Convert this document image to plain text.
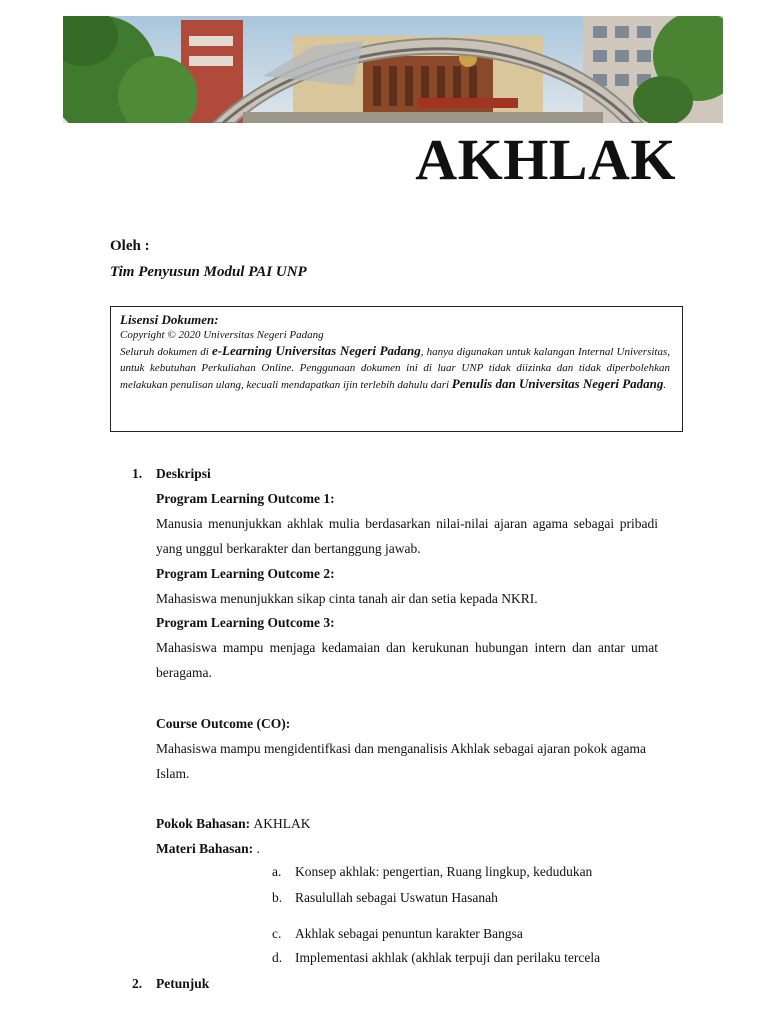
AKHLAK
Oleh :
Tim Penyusun Modul PAI UNP
Lisensi Dokumen:
Copyright © 2020 Universitas Negeri Padang
Seluruh dokumen di e-Learning Universitas Negeri Padang, hanya digunakan untuk kalangan Internal Universitas, untuk kebutuhan Perkuliahan Online. Penggunaan dokumen ini di luar UNP tidak diizinka dan tidak diperbolehkan melakukan penulisan ulang, kecuali mendapatkan ijin terlebih dahulu dari Penulis dan Universitas Negeri Padang.
1. Deskripsi
Program Learning Outcome 1:
Manusia menunjukkan akhlak mulia berdasarkan nilai-nilai ajaran agama sebagai pribadi yang unggul berkarakter dan bertanggung jawab.
Program Learning Outcome 2:
Mahasiswa menunjukkan sikap cinta tanah air dan setia kepada NKRI.
Program Learning Outcome 3:
Mahasiswa mampu menjaga kedamaian dan kerukunan hubungan intern dan antar umat beragama.
Course Outcome (CO):
Mahasiswa mampu mengidentifkasi dan menganalisis Akhlak sebagai ajaran pokok agama Islam.
Pokok Bahasan: AKHLAK
Materi Bahasan: .
a. Konsep akhlak: pengertian, Ruang lingkup, kedudukan
b. Rasulullah sebagai Uswatun Hasanah
c. Akhlak sebagai penuntun karakter Bangsa
d. Implementasi akhlak (akhlak terpuji dan perilaku tercela
2. Petunjuk
